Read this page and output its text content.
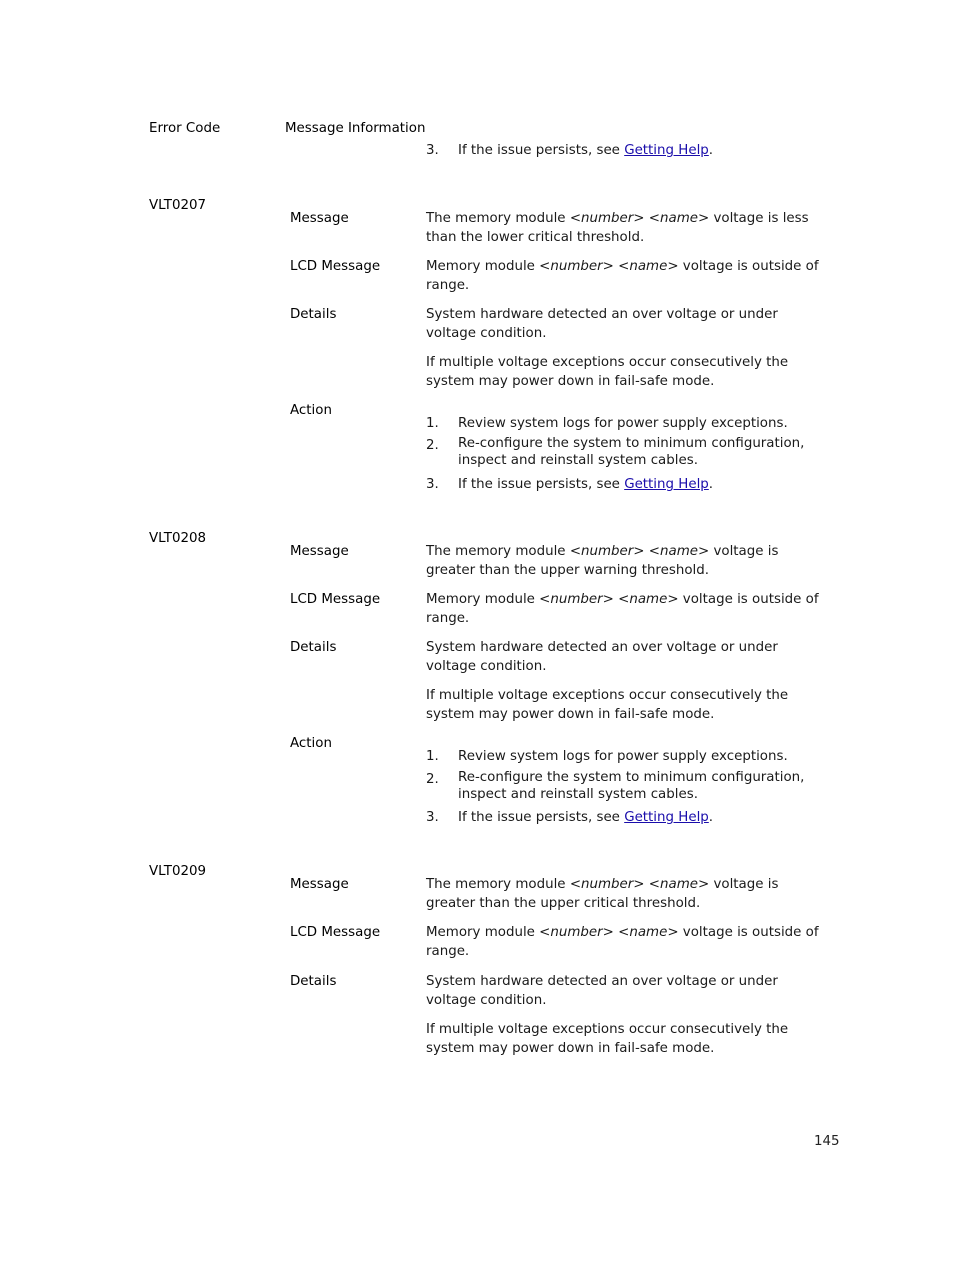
Error Code	Message Information
3. If the issue persists, see Getting Help.
VLT0207
Message	The memory module <number> <name> voltage is less than the lower critical threshold.
LCD Message	Memory module <number> <name> voltage is outside of range.
Details	System hardware detected an over voltage or under voltage condition.
If multiple voltage exceptions occur consecutively the system may power down in fail-safe mode.
Action
1. Review system logs for power supply exceptions.
2. Re-configure the system to minimum configuration, inspect and reinstall system cables.
3. If the issue persists, see Getting Help.
VLT0208
Message	The memory module <number> <name> voltage is greater than the upper warning threshold.
LCD Message	Memory module <number> <name> voltage is outside of range.
Details	System hardware detected an over voltage or under voltage condition.
If multiple voltage exceptions occur consecutively the system may power down in fail-safe mode.
Action
1. Review system logs for power supply exceptions.
2. Re-configure the system to minimum configuration, inspect and reinstall system cables.
3. If the issue persists, see Getting Help.
VLT0209
Message	The memory module <number> <name> voltage is greater than the upper critical threshold.
LCD Message	Memory module <number> <name> voltage is outside of range.
Details	System hardware detected an over voltage or under voltage condition.
If multiple voltage exceptions occur consecutively the system may power down in fail-safe mode.
145
